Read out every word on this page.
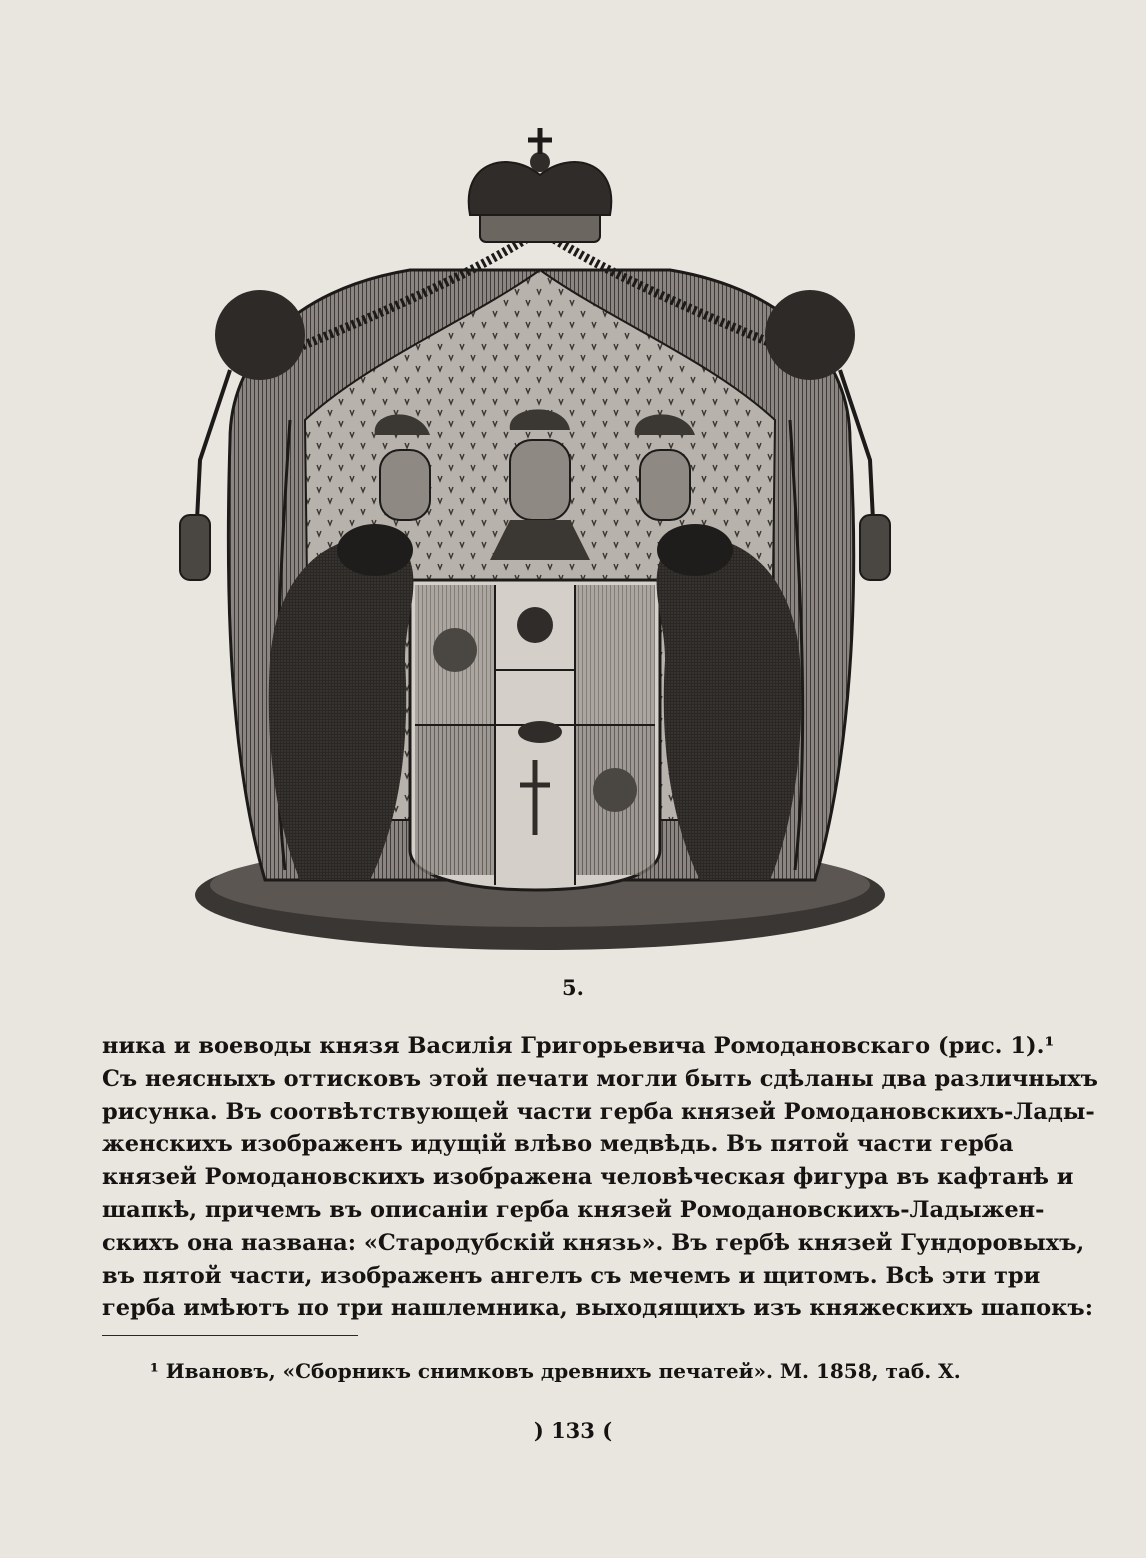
5.
ника и воеводы князя Василія Григорьевича Ромодановскаго (рис. 1).¹
Съ неясныхъ оттисковъ этой печати могли быть сдѣланы два различныхъ
рисунка. Въ соотвѣтствующей части герба князей Ромодановскихъ-Лады-
женскихъ изображенъ идущій влѣво медвѣдь. Въ пятой части герба
князей Ромодановскихъ изображена человѣческая фигура въ кафтанѣ и
шапкѣ, причемъ въ описаніи герба князей Ромодановскихъ-Ладыжен-
скихъ она названа: «Стародубскій князь». Въ гербѣ князей Гундоровыхъ,
въ пятой части, изображенъ ангелъ съ мечемъ и щитомъ. Всѣ эти три
герба имѣютъ по три нашлемника, выходящихъ изъ княжескихъ шапокъ:
¹ Ивановъ, «Сборникъ снимковъ древнихъ печатей». М. 1858, таб. X.
) 133 (
